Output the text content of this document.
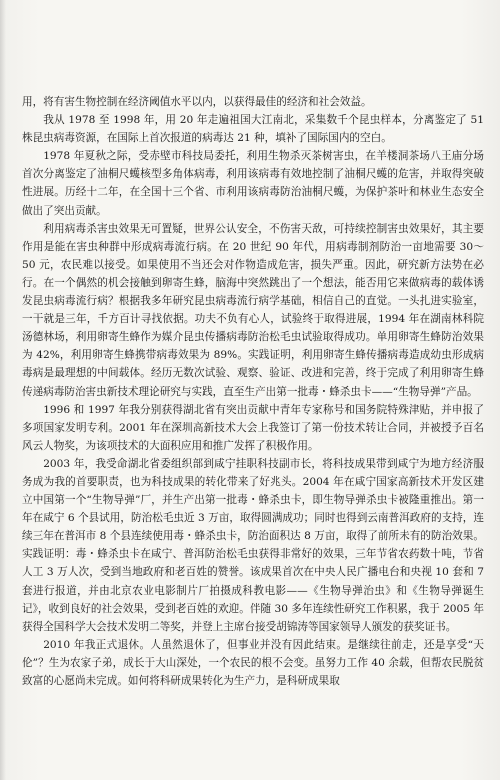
用，将有害生物控制在经济阈值水平以内，以获得最佳的经济和社会效益。

我从 1978 至 1998 年，用 20 年走遍祖国大江南北，采集数千个昆虫样本，分离鉴定了 51 株昆虫病毒资源，在国际上首次报道的病毒达 21 种，填补了国际国内的空白。

1978 年夏秋之际，受赤壁市科技局委托，利用生物杀灭茶树害虫，在羊楼洞茶场八王庙分场首次分离鉴定了油桐尺蠖核型多角体病毒，利用该病毒有效地控制了油桐尺蠖的危害，并取得突破性进展。历经十二年，在全国十三个省、市利用该病毒防治油桐尺蠖，为保护茶叶和林业生态安全做出了突出贡献。

利用病毒杀害虫效果无可置疑，世界公认安全，不伤害天敌，可持续控制害虫效果好，其主要作用是能在害虫种群中形成病毒流行病。在 20 世纪 90 年代，用病毒制剂防治一亩地需要 30～50 元，农民难以接受。如果使用不当还会对作物造成危害，损失严重。因此，研究新方法势在必行。在一个偶然的机会接触到卵寄生蜂，脑海中突然跳出了一个想法，能否用它来做病毒的载体诱发昆虫病毒流行病？根据我多年研究昆虫病毒流行病学基础，相信自己的直觉。一头扎进实验室，一干就是三年，千方百计寻找依据。功夫不负有心人，试验终于取得进展，1994 年在湖南林科院汤德林场，利用卵寄生蜂作为媒介昆虫传播病毒防治松毛虫试验取得成功。单用卵寄生蜂防治效果为 42%，利用卵寄生蜂携带病毒效果为 89%。实践证明，利用卵寄生蜂传播病毒造成幼虫形成病毒病是最理想的中间载体。经历无数次试验、观察、验证、改进和完善，终于完成了利用卵寄生蜂传递病毒防治害虫新技术理论研究与实践，直至生产出第一批毒・蜂杀虫卡——“生物导弹”产品。

1996 和 1997 年我分别获得湖北省有突出贡献中青年专家称号和国务院特殊津贴，并申报了多项国家发明专利。2001 年在深圳高新技术大会上我签订了第一份技术转让合同，并被授予百名风云人物奖，为该项技术的大面积应用和推广发挥了积极作用。

2003 年，我受命湖北省委组织部到咸宁挂职科技副市长，将科技成果带到咸宁为地方经济服务成为我的首要职责，也为科技成果的转化带来了好兆头。2004 年在咸宁国家高新技术开发区建立中国第一个“生物导弹”厂，并生产出第一批毒・蜂杀虫卡，即生物导弹杀虫卡被隆重推出。第一年在咸宁 6 个县试用，防治松毛虫近 3 万亩，取得圆满成功；同时也得到云南普洱政府的支持，连续三年在普洱市 8 个县连续使用毒・蜂杀虫卡，防治面积达 8 万亩，取得了前所未有的防治效果。实践证明：毒・蜂杀虫卡在咸宁、普洱防治松毛虫获得非常好的效果，三年节省农药数十吨，节省人工 3 万人次，受到当地政府和老百姓的赞誉。该成果首次在中央人民广播电台和央视 10 套和 7 套进行报道，并由北京农业电影制片厂拍摄成科教电影——《生物导弹治虫》和《生物导弹诞生记》，收到良好的社会效果，受到老百姓的欢迎。伴随 30 多年连续性研究工作积累，我于 2005 年获得全国科学大会技术发明二等奖，并登上主席台接受胡锦涛等国家领导人颁发的获奖证书。

2010 年我正式退休。人虽然退休了，但事业并没有因此结束。是继续往前走，还是享受“天伦”？生为农家子弟，成长于大山深处，一个农民的根不会变。虽努力工作 40 余载，但帮农民脱贫致富的心愿尚未完成。如何将科研成果转化为生产力，是科研成果取
